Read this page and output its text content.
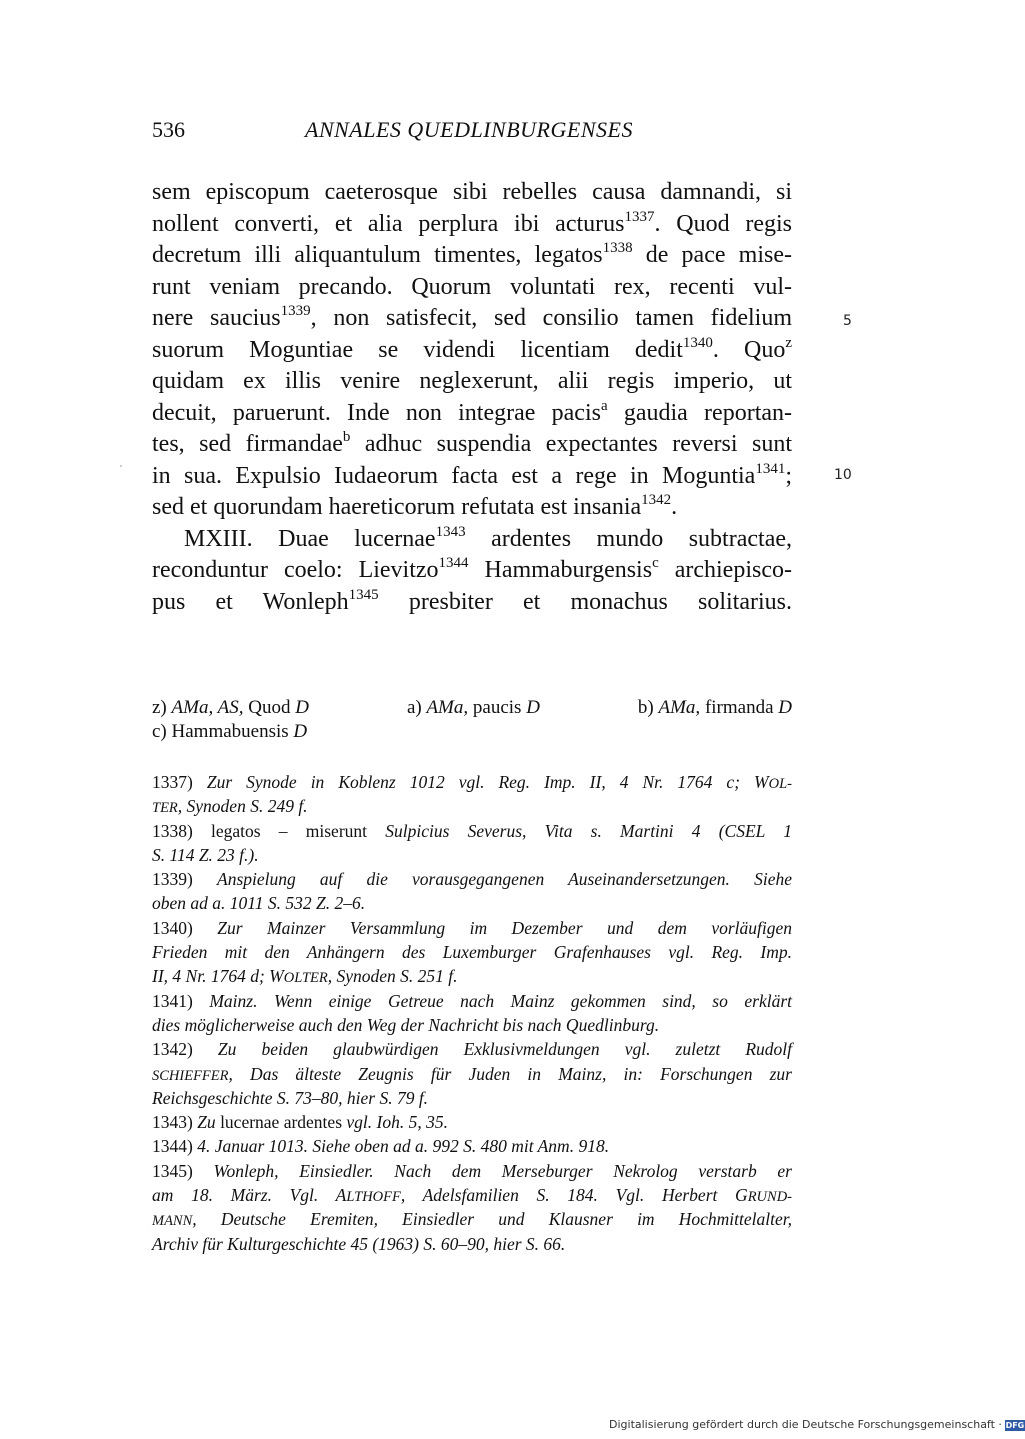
536	ANNALES QUEDLINBURGENSES
sem episcopum caeterosque sibi rebelles causa damnandi, si
nollent converti, et alia perplura ibi acturus$^{1337}$. Quod regis
decretum illi aliquantulum timentes, legatos$^{1338}$ de pace mise-
runt veniam precando. Quorum voluntati rex, recenti vul-
nere saucius$^{1339}$, non satisfecit, sed consilio tamen fidelium
suorum Moguntiae se videndi licentiam dedit$^{1340}$. Quo$^z$
quidam ex illis venire neglexerunt, alii regis imperio, ut
decuit, paruerunt. Inde non integrae pacis$^a$ gaudia reportan-
tes, sed firmandae$^b$ adhuc suspendia expectantes reversi sunt
in sua. Expulsio Iudaeorum facta est a rege in Moguntia$^{1341}$;
sed et quorundam haereticorum refutata est insania$^{1342}$.
MXIII. Duae lucernae$^{1343}$ ardentes mundo subtractae,
reconduntur coelo: Lievitzo$^{1344}$ Hammaburgensis$^c$ archiepisco-
pus et Wonleph$^{1345}$ presbiter et monachus solitarius.
5
10
z) AMa, AS, Quod D	a) AMa, paucis D	b) AMa, firmanda D
c) Hammabuensis D
1337) Zur Synode in Koblenz 1012 vgl. Reg. Imp. II, 4 Nr. 1764 c; WOL-
TER, Synoden S. 249 f.
1338) legatos – miserunt Sulpicius Severus, Vita s. Martini 4 (CSEL 1
S. 114 Z. 23 f.).
1339) Anspielung auf die vorausgegangenen Auseinandersetzungen. Siehe
oben ad a. 1011 S. 532 Z. 2–6.
1340) Zur Mainzer Versammlung im Dezember und dem vorläufigen
Frieden mit den Anhängern des Luxemburger Grafenhauses vgl. Reg. Imp.
II, 4 Nr. 1764 d; WOLTER, Synoden S. 251 f.
1341) Mainz. Wenn einige Getreue nach Mainz gekommen sind, so erklärt
dies möglicherweise auch den Weg der Nachricht bis nach Quedlinburg.
1342) Zu beiden glaubwürdigen Exklusivmeldungen vgl. zuletzt Rudolf
SCHIEFFER, Das älteste Zeugnis für Juden in Mainz, in: Forschungen zur
Reichsgeschichte S. 73–80, hier S. 79 f.
1343) Zu lucernae ardentes vgl. Ioh. 5, 35.
1344) 4. Januar 1013. Siehe oben ad a. 992 S. 480 mit Anm. 918.
1345) Wonleph, Einsiedler. Nach dem Merseburger Nekrolog verstarb er
am 18. März. Vgl. ALTHOFF, Adelsfamilien S. 184. Vgl. Herbert GRUND-
MANN, Deutsche Eremiten, Einsiedler und Klausner im Hochmittelalter,
Archiv für Kulturgeschichte 45 (1963) S. 60–90, hier S. 66.
Digitalisierung gefördert durch die Deutsche Forschungsgemeinschaft · DFG
